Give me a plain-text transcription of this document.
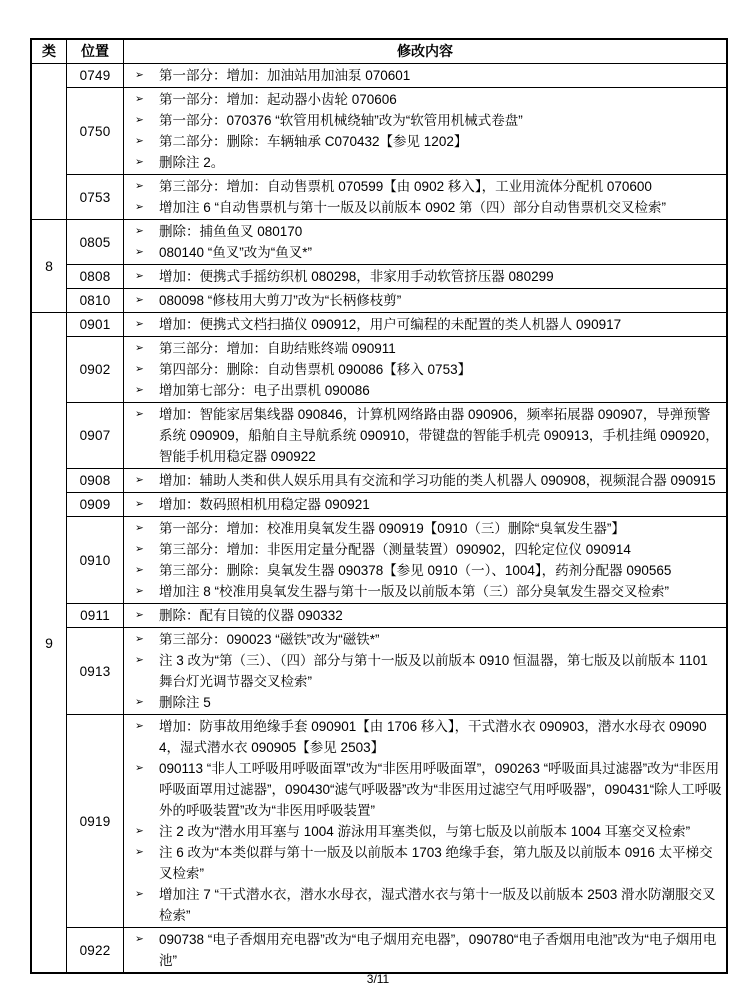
类	位置	修改内容
	0749	➢ 第一部分：增加：加油站用加油泵 070601

0750	
➢	第一部分：增加：起动器小齿轮 070606
➢	第一部分：070376 “软管用机械绕轴”改为“软管用机械式卷盘”
➢	第二部分：删除：车辆轴承 C070432【参见 1202】
➢	删除注 2。

	0753	➢ 第三部分：增加：自动售票机 070599【由 0902 移入】，工业用流体分配机 070600
➢ 增加注 6 “自动售票机与第十一版及以前版本 0902 第（四）部分自动售票机交叉检索”

8	0805	➢ 删除：捕鱼鱼叉 080170
➢ 080140 “鱼叉”改为“鱼叉*”

	0808	➢ 增加：便携式手摇纺织机 080298，非家用手动软管挤压器 080299

	0810	➢ 080098 “修枝用大剪刀”改为“长柄修枝剪”

9	0901	➢ 增加：便携式文档扫描仪 090912，用户可编程的未配置的类人机器人 090917

0902	
➢	第三部分：增加：自助结账终端 090911
➢	第四部分：删除：自动售票机 090086【移入 0753】
➢	增加第七部分：电子出票机 090086

	0907	➢ 增加：智能家居集线器 090846，计算机网络路由器 090906，频率拓展器 090907，导弹预警系统 090909，船舶自主导航系统 090910，带键盘的智能手机壳 090913，手机挂绳 090920，智能手机用稳定器 090922

	0908	➢ 增加：辅助人类和供人娱乐用具有交流和学习功能的类人机器人 090908，视频混合器 090915

	0909	➢ 增加：数码照相机用稳定器 090921

0910	
➢	第一部分：增加：校准用臭氧发生器 090919【0910（三）删除“臭氧发生器”】
➢	第三部分：增加：非医用定量分配器（测量装置）090902，四轮定位仪 090914
➢	第三部分：删除：臭氧发生器 090378【参见 0910（一）、1004】，药剂分配器 090565
➢	增加注 8 “校准用臭氧发生器与第十一版及以前版本第（三）部分臭氧发生器交叉检索”

	0911	➢ 删除：配有目镜的仪器 090332

0913	
➢	第三部分：090023 “磁铁”改为“磁铁*”
➢	注 3 改为“第（三）、（四）部分与第十一版及以前版本 0910 恒温器，第七版及以前版本 1101 舞台灯光调节器交叉检索”
➢	删除注 5

0919	
➢	增加：防事故用绝缘手套 090901【由 1706 移入】，干式潜水衣 090903，潜水水母衣 090904，湿式潜水衣 090905【参见 2503】
➢	090113 “非人工呼吸用呼吸面罩”改为“非医用呼吸面罩”，090263 “呼吸面具过滤器”改为“非医用呼吸面罩用过滤器”，090430“滤气呼吸器”改为“非医用过滤空气用呼吸器”，090431“除人工呼吸外的呼吸装置”改为“非医用呼吸装置”
➢	注 2 改为“潜水用耳塞与 1004 游泳用耳塞类似，与第七版及以前版本 1004 耳塞交叉检索”
➢	注 6 改为“本类似群与第十一版及以前版本 1703 绝缘手套，第九版及以前版本 0916 太平梯交叉检索”
➢	增加注 7 “干式潜水衣，潜水水母衣，湿式潜水衣与第十一版及以前版本 2503 滑水防潮服交叉检索”

	0922	➢ 090738 “电子香烟用充电器”改为“电子烟用充电器”，090780“电子香烟用电池”改为“电子烟用电池”
3/11
